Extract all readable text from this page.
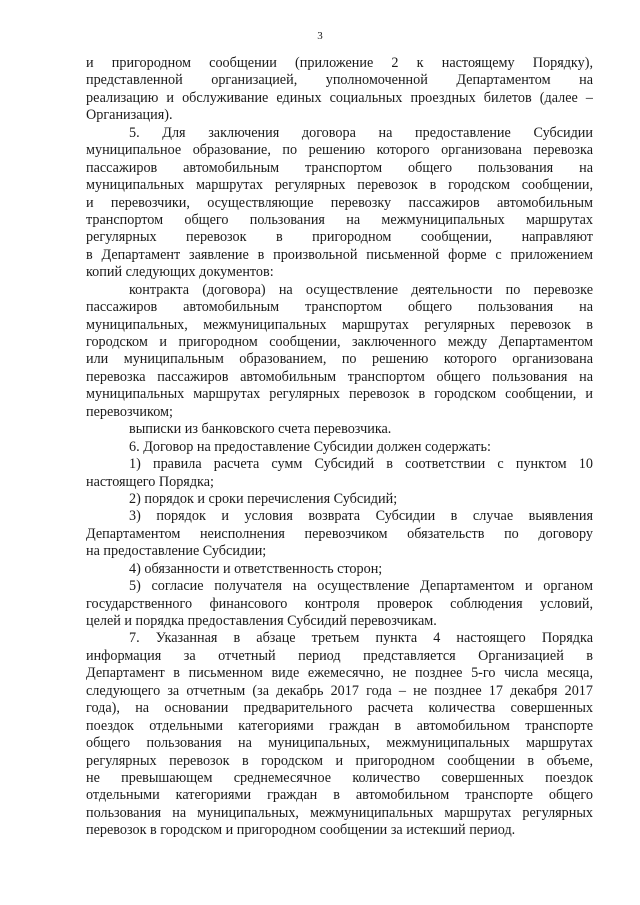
3
и пригородном сообщении (приложение 2 к настоящему Порядку),
представленной организацией, уполномоченной Департаментом на
реализацию и обслуживание единых социальных проездных билетов (далее –
Организация).
5. Для заключения договора на предоставление Субсидии
муниципальное образование, по решению которого организована перевозка
пассажиров автомобильным транспортом общего пользования на
муниципальных маршрутах регулярных перевозок в городском сообщении,
и перевозчики, осуществляющие перевозку пассажиров автомобильным
транспортом общего пользования на межмуниципальных маршрутах
регулярных перевозок в пригородном сообщении, направляют
в Департамент заявление в произвольной письменной форме с приложением
копий следующих документов:
контракта (договора) на осуществление деятельности по перевозке
пассажиров автомобильным транспортом общего пользования на
муниципальных, межмуниципальных маршрутах регулярных перевозок в
городском и пригородном сообщении, заключенного между Департаментом
или муниципальным образованием, по решению которого организована
перевозка пассажиров автомобильным транспортом общего пользования на
муниципальных маршрутах регулярных перевозок в городском сообщении, и
перевозчиком;
выписки из банковского счета перевозчика.
6. Договор на предоставление Субсидии должен содержать:
1) правила расчета сумм Субсидий в соответствии с пунктом 10
настоящего Порядка;
2) порядок и сроки перечисления Субсидий;
3) порядок и условия возврата Субсидии в случае выявления
Департаментом неисполнения перевозчиком обязательств по договору
на предоставление Субсидии;
4) обязанности и ответственность сторон;
5) согласие получателя на осуществление Департаментом и органом
государственного финансового контроля проверок соблюдения условий,
целей и порядка предоставления Субсидий перевозчикам.
7. Указанная в абзаце третьем пункта 4 настоящего Порядка
информация за отчетный период представляется Организацией в
Департамент в письменном виде ежемесячно, не позднее 5-го числа месяца,
следующего за отчетным (за декабрь 2017 года – не позднее 17 декабря 2017
года), на основании предварительного расчета количества совершенных
поездок отдельными категориями граждан в автомобильном транспорте
общего пользования на муниципальных, межмуниципальных маршрутах
регулярных перевозок в городском и пригородном сообщении в объеме,
не превышающем среднемесячное количество совершенных поездок
отдельными категориями граждан в автомобильном транспорте общего
пользования на муниципальных, межмуниципальных маршрутах регулярных
перевозок в городском и пригородном сообщении за истекший период.
